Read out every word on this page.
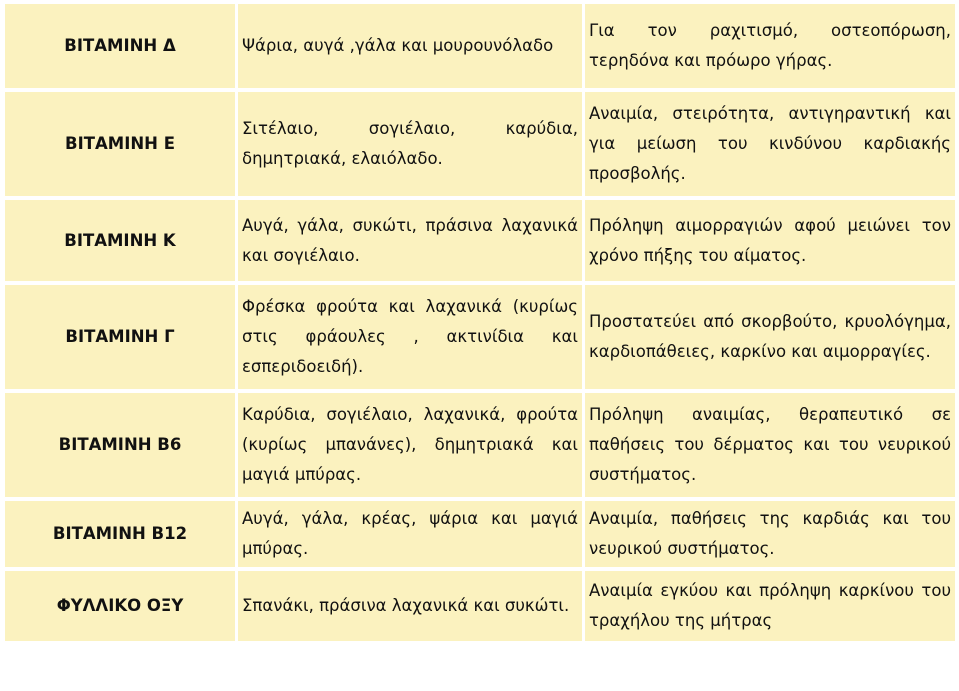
ΒΙΤΑΜΙΝΗ Δ	Ψάρια, αυγά ,γάλα και μουρουνόλαδο	Για τον ραχιτισμό, οστεοπόρωση, τερηδόνα και πρόωρο γήρας.
ΒΙΤΑΜΙΝΗ Ε	Σιτέλαιο, σογιέλαιο, καρύδια, δημητριακά, ελαιόλαδο.	Αναιμία, στειρότητα, αντιγηραντική και για μείωση του κινδύνου καρδιακής προσβολής.
ΒΙΤΑΜΙΝΗ Κ	Αυγά, γάλα, συκώτι, πράσινα λαχανικά και σογιέλαιο.	Πρόληψη αιμορραγιών αφού μειώνει τον χρόνο πήξης του αίματος.
ΒΙΤΑΜΙΝΗ Γ	Φρέσκα φρούτα και λαχανικά (κυρίως στις φράουλες , ακτινίδια και εσπεριδοειδή).	Προστατεύει από σκορβούτο, κρυολόγημα, καρδιοπάθειες, καρκίνο και αιμορραγίες.
ΒΙΤΑΜΙΝΗ Β6	Καρύδια, σογιέλαιο, λαχανικά, φρούτα (κυρίως μπανάνες), δημητριακά και μαγιά μπύρας.	Πρόληψη αναιμίας, θεραπευτικό σε παθήσεις του δέρματος και του νευρικού συστήματος.
ΒΙΤΑΜΙΝΗ Β12	Αυγά, γάλα, κρέας, ψάρια και μαγιά μπύρας.	Αναιμία, παθήσεις της καρδιάς και του νευρικού συστήματος.
ΦΥΛΛΙΚΟ ΟΞΥ	Σπανάκι, πράσινα λαχανικά και συκώτι.	Αναιμία εγκύου και πρόληψη καρκίνου του τραχήλου της μήτρας
